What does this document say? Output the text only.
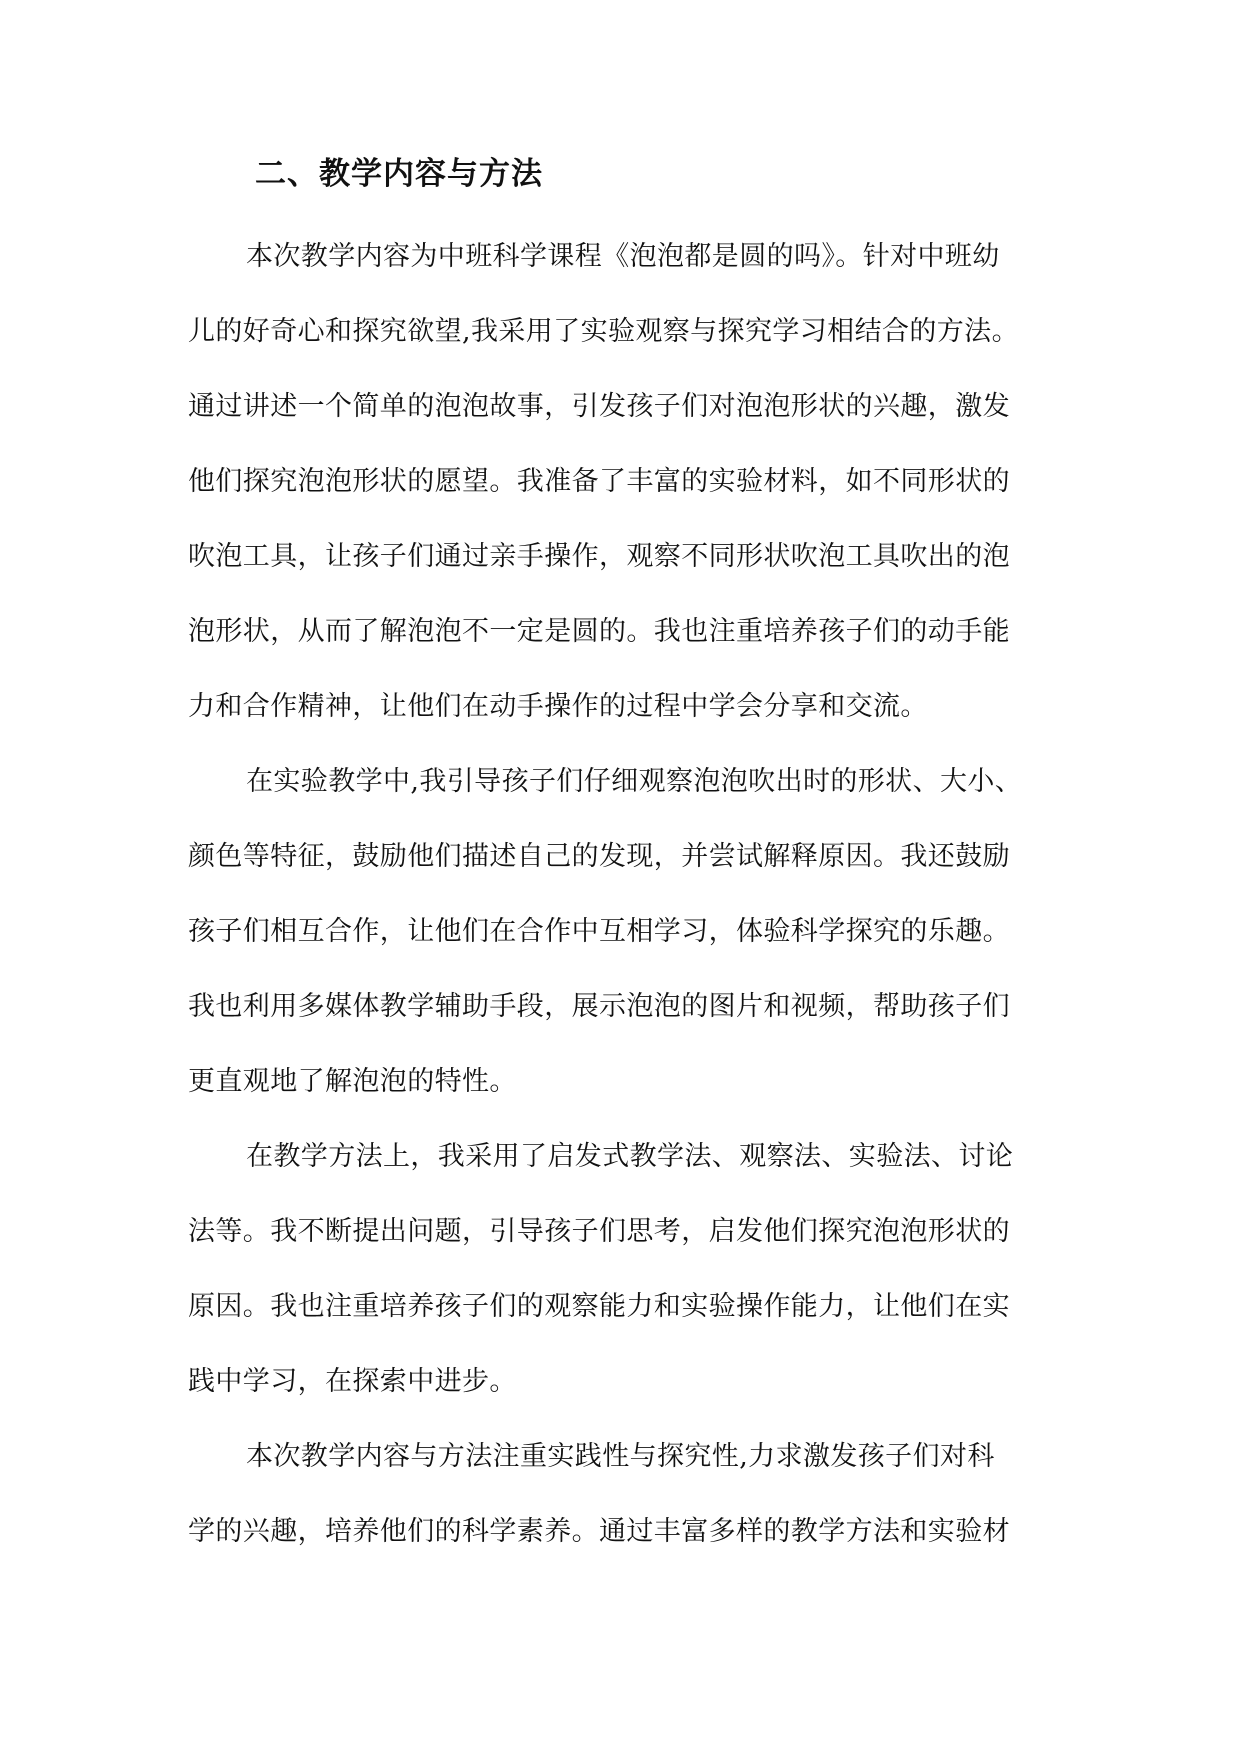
二、教学内容与方法
本次教学内容为中班科学课程《泡泡都是圆的吗》。针对中班幼
儿的好奇心和探究欲望,我采用了实验观察与探究学习相结合的方法。
通过讲述一个简单的泡泡故事，引发孩子们对泡泡形状的兴趣，激发
他们探究泡泡形状的愿望。我准备了丰富的实验材料，如不同形状的
吹泡工具，让孩子们通过亲手操作，观察不同形状吹泡工具吹出的泡
泡形状，从而了解泡泡不一定是圆的。我也注重培养孩子们的动手能
力和合作精神，让他们在动手操作的过程中学会分享和交流。
在实验教学中,我引导孩子们仔细观察泡泡吹出时的形状、大小、
颜色等特征，鼓励他们描述自己的发现，并尝试解释原因。我还鼓励
孩子们相互合作，让他们在合作中互相学习，体验科学探究的乐趣。
我也利用多媒体教学辅助手段，展示泡泡的图片和视频，帮助孩子们
更直观地了解泡泡的特性。
在教学方法上，我采用了启发式教学法、观察法、实验法、讨论
法等。我不断提出问题，引导孩子们思考，启发他们探究泡泡形状的
原因。我也注重培养孩子们的观察能力和实验操作能力，让他们在实
践中学习，在探索中进步。
本次教学内容与方法注重实践性与探究性,力求激发孩子们对科
学的兴趣，培养他们的科学素养。通过丰富多样的教学方法和实验材
